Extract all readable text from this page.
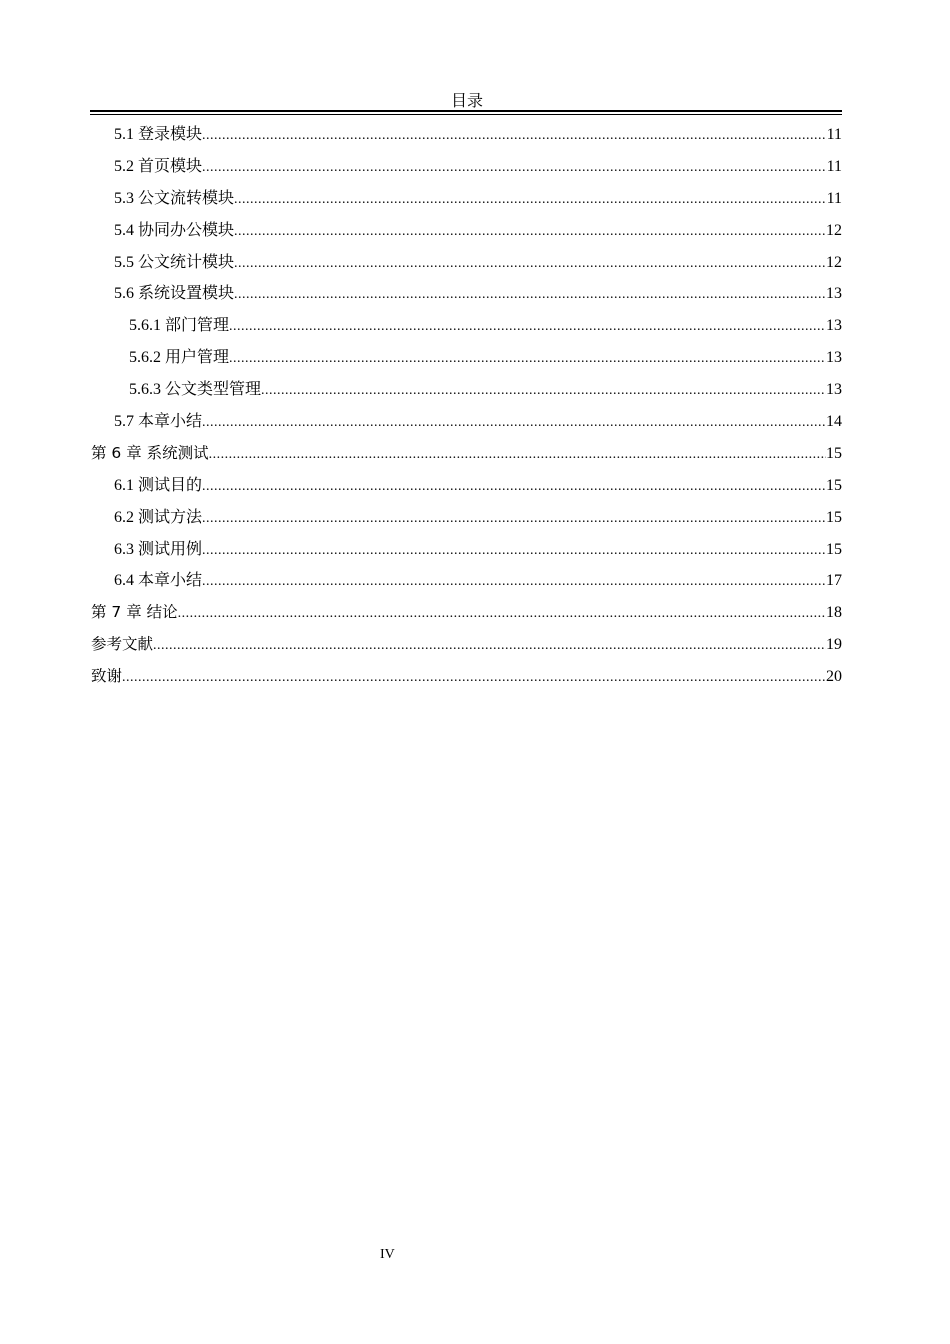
目录
5.1 登录模块 .....	11
5.2 首页模块 .....	11
5.3 公文流转模块 .....	11
5.4 协同办公模块 .....	12
5.5 公文统计模块 .....	12
5.6 系统设置模块 .....	13
5.6.1 部门管理 .....	13
5.6.2 用户管理 .....	13
5.6.3 公文类型管理 .....	13
5.7 本章小结 .....	14
第 6 章 系统测试 .....	15
6.1 测试目的 .....	15
6.2 测试方法 .....	15
6.3 测试用例 .....	15
6.4 本章小结 .....	17
第 7 章 结论 .....	18
参考文献 .....	19
致谢 .....	20
IV
